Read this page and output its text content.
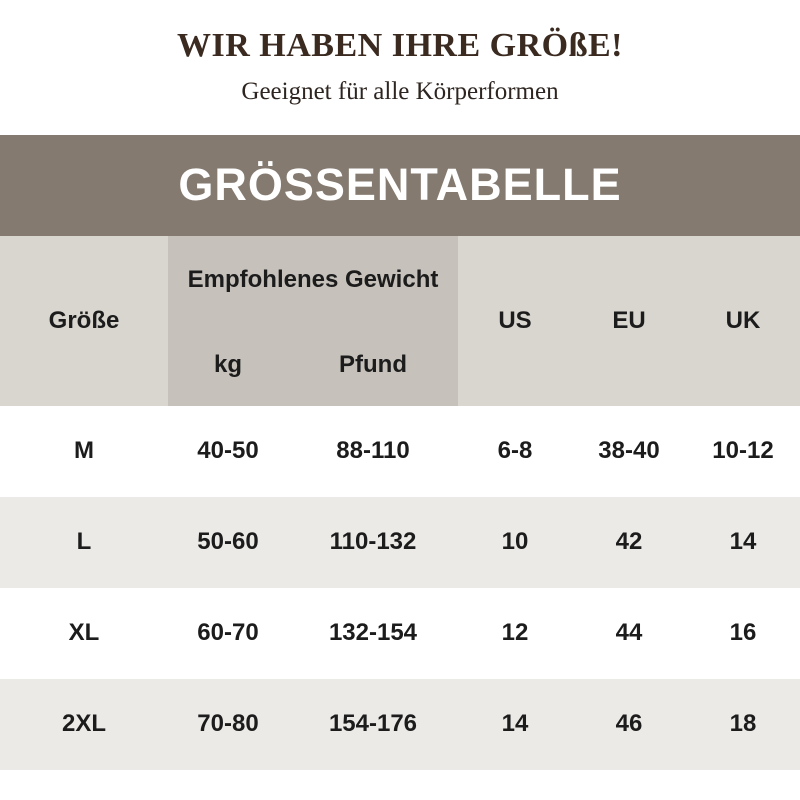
WIR HABEN IHRE GRÖßE!
Geeignet für alle Körperformen
GRÖSSENTABELLE
Größe	Empfohlenes Gewicht		US	EU	UK
	kg	Pfund			
M	40-50	88-110	6-8	38-40	10-12
L	50-60	110-132	10	42	14
XL	60-70	132-154	12	44	16
2XL	70-80	154-176	14	46	18
